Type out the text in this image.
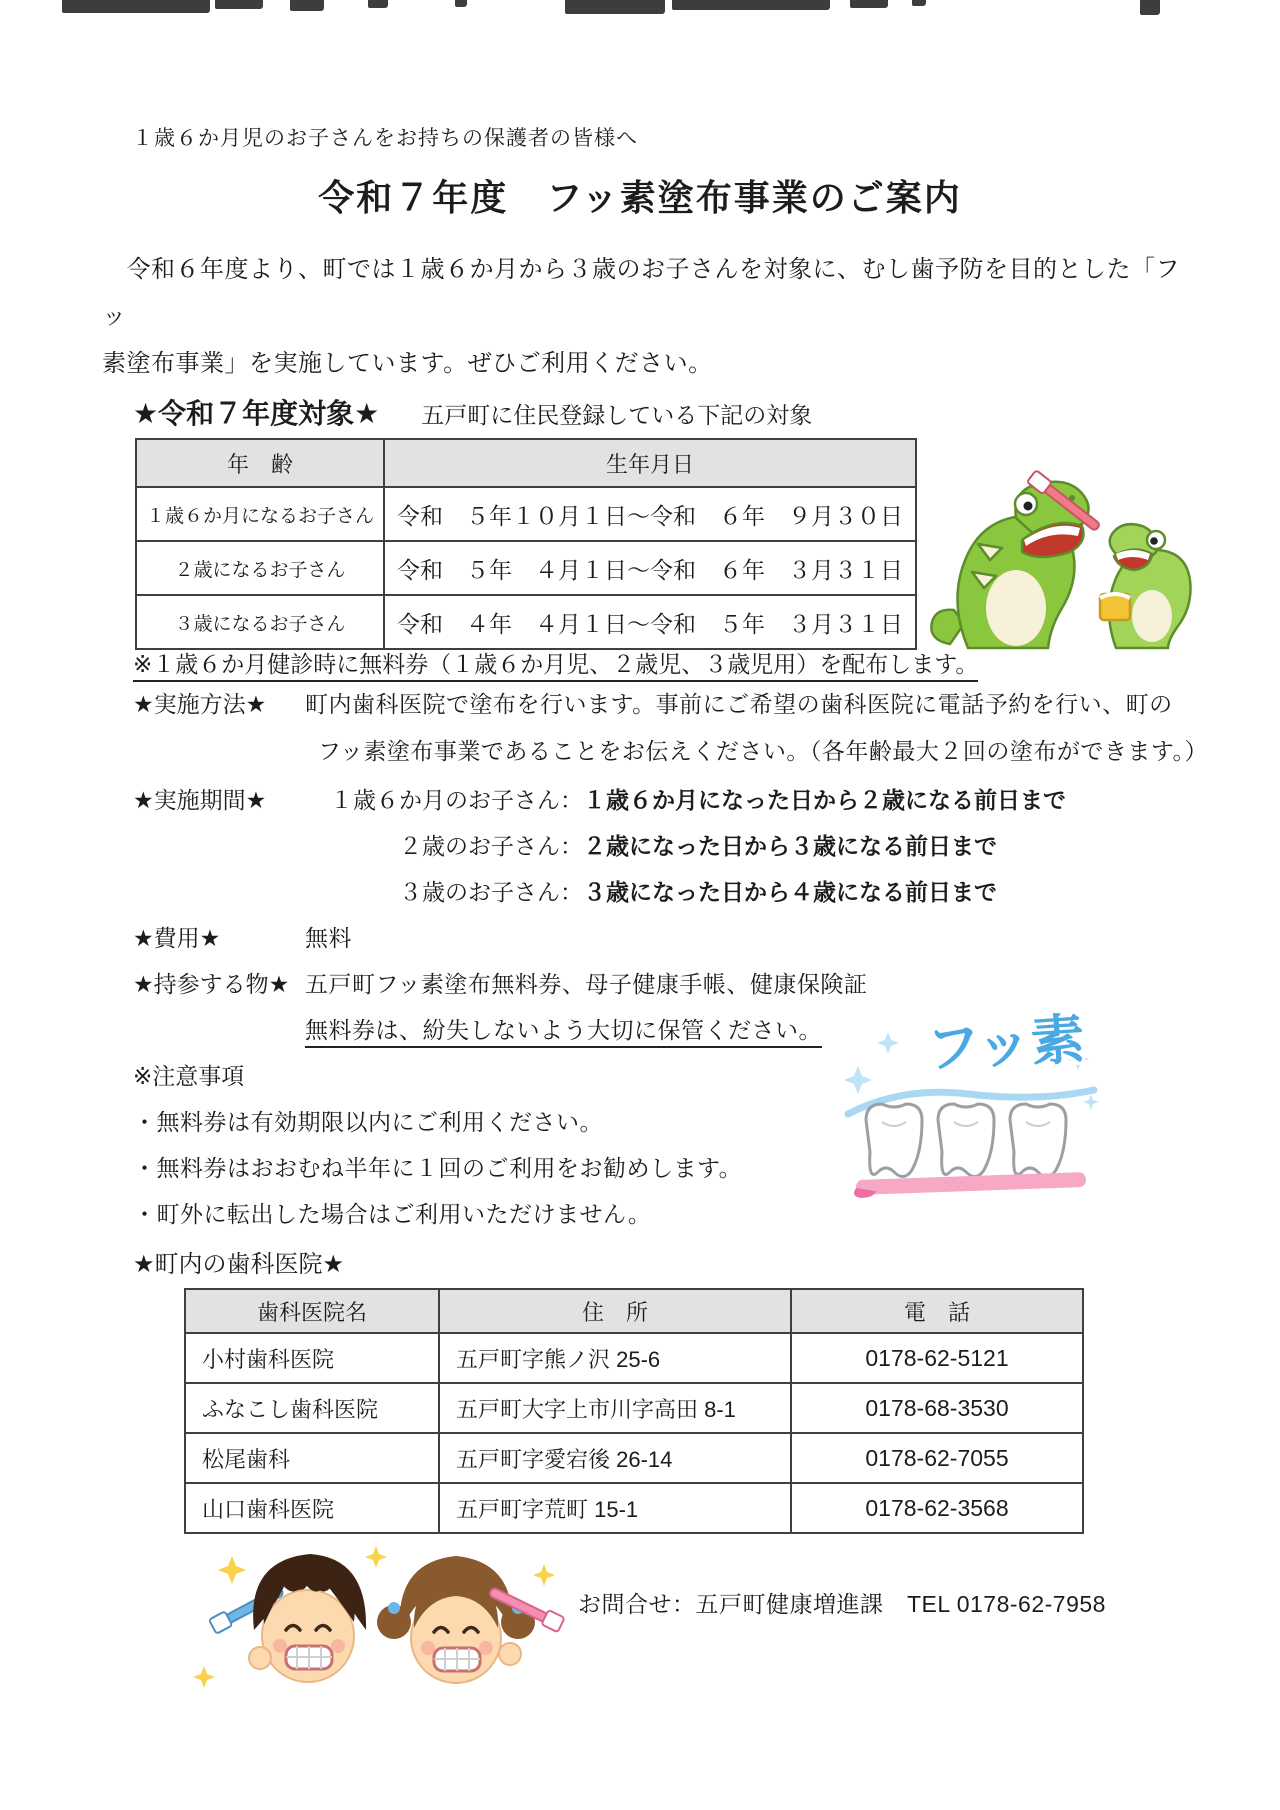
１歳６か月児のお子さんをお持ちの保護者の皆様へ
令和７年度　フッ素塗布事業のご案内
　令和６年度より、町では１歳６か月から３歳のお子さんを対象に、むし歯予防を目的とした「フッ
素塗布事業」を実施しています。ぜひご利用ください。
★令和７年度対象★ 五戸町に住民登録している下記の対象
年　齢	生年月日
１歳６か月になるお子さん	令和　５年１０月１日～令和　６年　９月３０日
２歳になるお子さん	令和　５年　４月１日～令和　６年　３月３１日
３歳になるお子さん	令和　４年　４月１日～令和　５年　３月３１日
※１歳６か月健診時に無料券（１歳６か月児、２歳児、３歳児用）を配布します。
★実施方法★ 町内歯科医院で塗布を行います。事前にご希望の歯科医院に電話予約を行い、町の
フッ素塗布事業であることをお伝えください。（各年齢最大２回の塗布ができます。）
★実施期間★	１歳６か月のお子さん： １歳６か月になった日から２歳になる前日まで
２歳のお子さん： ２歳になった日から３歳になる前日まで
３歳のお子さん： ３歳になった日から４歳になる前日まで
★費用★	無料
★持参する物★ 五戸町フッ素塗布無料券、母子健康手帳、健康保険証
無料券は、紛失しないよう大切に保管ください。
※注意事項
・無料券は有効期限以内にご利用ください。
・無料券はおおむね半年に１回のご利用をお勧めします。
・町外に転出した場合はご利用いただけません。
フッ素
★町内の歯科医院★
歯科医院名	住　所	電　話
小村歯科医院	五戸町字熊ノ沢 25-6	0178-62-5121
ふなこし歯科医院	五戸町大字上市川字高田 8-1	0178-68-3530
松尾歯科	五戸町字愛宕後 26-14	0178-62-7055
山口歯科医院	五戸町字荒町 15-1	0178-62-3568
お問合せ：五戸町健康増進課　TEL 0178-62-7958
